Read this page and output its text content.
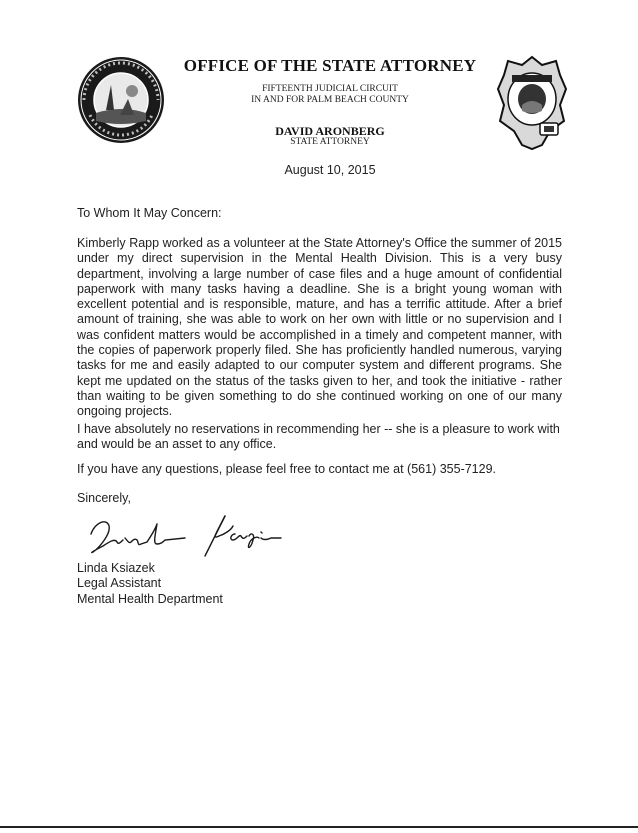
OFFICE OF THE STATE ATTORNEY
FIFTEENTH JUDICIAL CIRCUIT
IN AND FOR PALM BEACH COUNTY
DAVID ARONBERG
STATE ATTORNEY
August 10, 2015
To Whom It May Concern:
Kimberly Rapp worked as a volunteer at the State Attorney's Office the summer of 2015 under my direct supervision in the Mental Health Division. This is a very busy department, involving a large number of case files and a huge amount of confidential paperwork with many tasks having a deadline. She is a bright young woman with excellent potential and is responsible, mature, and has a terrific attitude. After a brief amount of training, she was able to work on her own with little or no supervision and I was confident matters would be accomplished in a timely and competent manner, with the copies of paperwork properly filed. She has proficiently handled numerous, varying tasks for me and easily adapted to our computer system and different programs. She kept me updated on the status of the tasks given to her, and took the initiative - rather than waiting to be given something to do she continued working on one of our many ongoing projects.
I have absolutely no reservations in recommending her -- she is a pleasure to work with and would be an asset to any office.
If you have any questions, please feel free to contact me at (561) 355-7129.
Sincerely,
Linda Ksiazek
Legal Assistant
Mental Health Department
